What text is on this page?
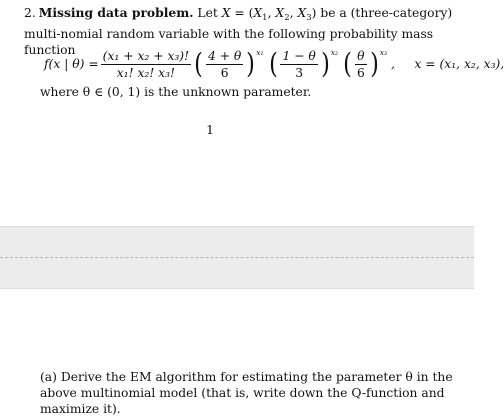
2. Missing data problem. Let $X = (X_1$, $X_2$, $X_3$) be a (three-category) multi-nomial random variable with the following probability mass function

f(x | $\theta) = \frac{\text{(x₁ + x₂ + x₃)!}}{\text{x₁! x₂! x₃!}}$ ( $\frac{4 + \theta}{6}$ ) x₁ ( $\frac{1 - \theta}{3}$ ) x₂ ( $\frac{\theta}{6}$ ) x₃
,     x = (x₁, x₂, x₃),

where θ ∈ (0, 1) is the unknown parameter.

1

(a) Derive the EM algorithm for estimating the parameter θ in the above multinomial model (that is, write down the Q-function and maximize it).
